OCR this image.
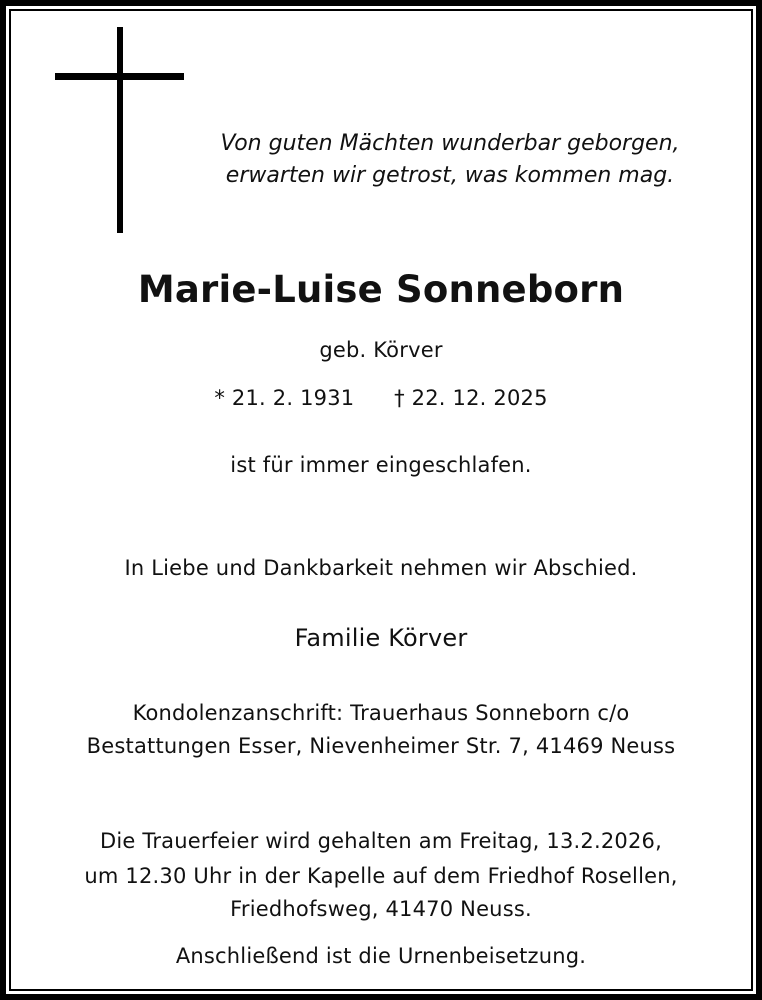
Von guten Mächten wunderbar geborgen,
erwarten wir getrost, was kommen mag.
Marie-Luise Sonneborn
geb. Körver
* 21. 2. 1931 † 22. 12. 2025
ist für immer eingeschlafen.
In Liebe und Dankbarkeit nehmen wir Abschied.
Familie Körver
Kondolenzanschrift: Trauerhaus Sonneborn c/o
Bestattungen Esser, Nievenheimer Str. 7, 41469 Neuss
Die Trauerfeier wird gehalten am Freitag, 13.2.2026,
um 12.30 Uhr in der Kapelle auf dem Friedhof Rosellen,
Friedhofsweg, 41470 Neuss.
Anschließend ist die Urnenbeisetzung.
